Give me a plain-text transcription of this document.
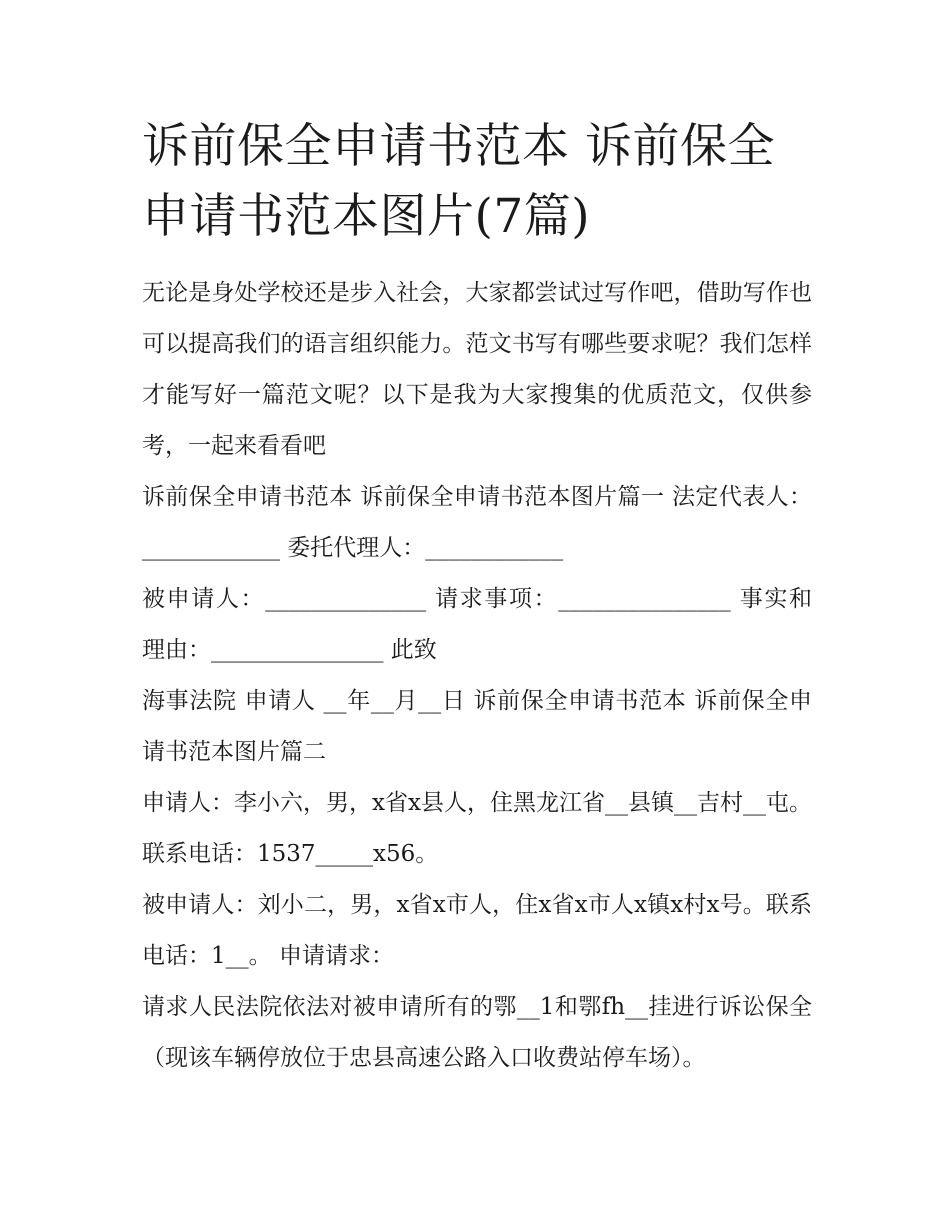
诉前保全申请书范本 诉前保全申请书范本图片(7篇)

无论是身处学校还是步入社会，大家都尝试过写作吧，借助写作也可以提高我们的语言组织能力。范文书写有哪些要求呢？我们怎样才能写好一篇范文呢？以下是我为大家搜集的优质范文，仅供参考，一起来看看吧

诉前保全申请书范本 诉前保全申请书范本图片篇一 法定代表人：____________ 委托代理人：____________

被申请人：______________ 请求事项：_______________ 事实和理由：_______________ 此致

海事法院 申请人 __年__月__日 诉前保全申请书范本 诉前保全申请书范本图片篇二

申请人：李小六，男，x省x县人，住黑龙江省__县镇__吉村__屯。联系电话：1537_____x56。

被申请人：刘小二，男，x省x市人，住x省x市人x镇x村x号。联系电话：1__。 申请请求：

请求人民法院依法对被申请所有的鄂__1和鄂fh__挂进行诉讼保全（现该车辆停放位于忠县高速公路入口收费站停车场）。
